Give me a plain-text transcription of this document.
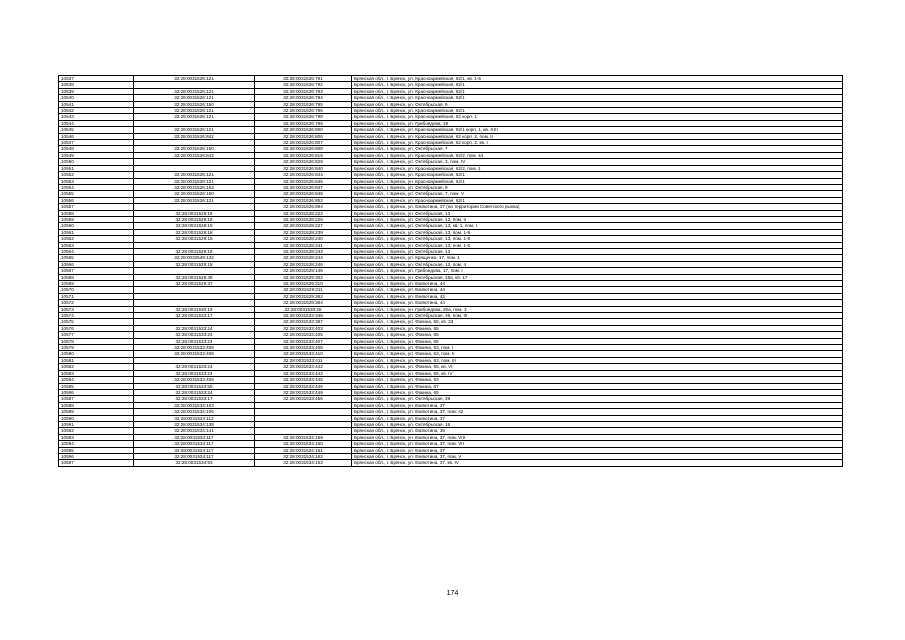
10537	32:28:0031526:121	32:28:0031526:791	Брянская обл., г. Брянск, ул. Красноармейская, 62/1, кв. 1-5
10538		32:28:0031526:792	Брянская обл., г. Брянск, ул. Красноармейская, 62/1
10539	32:28:0031526:121	32:28:0031526:793	Брянская обл., г. Брянск, ул. Красноармейская, 62/1
10540	32:28:0031526:121	32:28:0031526:794	Брянская обл., г. Брянск, ул. Красноармейская, 62/1
10541	32:28:0031526:150	32:28:0031526:795	Брянская обл., г. Брянск, ул. Октябрьская, 9
10542	32:28:0031526:121	32:28:0031526:796	Брянская обл., г. Брянск, ул. Красноармейская, 62/1
10543	32:28:0031526:121	32:28:0031526:798	Брянская обл., г. Брянск, ул. Красноармейская, 62 корп. 1
10544		32:28:0031526:799	Брянская обл., г. Брянск, ул. Грибоедова, 19
10545	32:28:0031526:121	32:28:0031526:800	Брянская обл., г. Брянск, ул. Красноармейская, 62/1 корп. 1, кв. XXI
10546	32:28:0031526:842	32:28:0031526:806	Брянская обл., г. Брянск, ул. Красноармейская, 62 корп. 2, пом. II
10547		32:28:0031526:807	Брянская обл., г. Брянск, ул. Красноармейская, 62 корп. 2, кв. I
10548	32:28:0031526:150	32:28:0031526:808	Брянская обл., г. Брянск, ул. Октябрьская, 7
10549	32:28:0031526:842	32:28:0031526:819	Брянская обл., г. Брянск, ул. Красноармейская, 62/2, пом. 44
10550		32:28:0031526:829	Брянская обл., г. Брянск, ул. Октябрьская, 3, пом. IV
10551		32:28:0031526:840	Брянская обл., г. Брянск, ул. Красноармейская, 62/2, пом. 1
10552	32:28:0031526:121	32:28:0031526:844	Брянская обл., г. Брянск, ул. Красноармейская, 62/1
10553	32:28:0031526:121	32:28:0031526:845	Брянская обл., г. Брянск, ул. Красноармейская, 62/1
10554	32:28:0031526:153	32:28:0031526:847	Брянская обл., г. Брянск, ул. Октябрьская, 9
10555	32:28:0031526:150	32:28:0031526:848	Брянская обл., г. Брянск, ул. Октябрьская, 7, пом. V
10556	32:28:0031526:121	32:28:0031526:852	Брянская обл., г. Брянск, ул. Красноармейская, 62/1
10557		32:28:0031526:894	Брянская обл., г. Брянск, ул. Емлютина, 37 (на территории Советского рынка)
10558	32:28:0031528:18	32:28:0031528:223	Брянская обл., г. Брянск, ул. Октябрьская, 13
10559	32:28:0031528:18	32:28:0031528:226	Брянская обл., г. Брянск, ул. Октябрьская, 13, пом. II
10560	32:28:0031528:18	32:28:0031528:227	Брянская обл., г. Брянск, ул. Октябрьская, 13, кв. 1, пом. I
10561	32:28:0031528:18	32:28:0031528:239	Брянская обл., г. Брянск, ул. Октябрьская, 13, пом. 1-8
10562	32:28:0031528:18	32:28:0031528:240	Брянская обл., г. Брянск, ул. Октябрьская, 13, пом. 1-8
10563		32:28:0031528:241	Брянская обл., г. Брянск, ул. Октябрьская, 13, пом. 1-5
10564	32:28:0031528:18	32:28:0031528:243	Брянская обл., г. Брянск, ул. Октябрьская, 13
10565	32:28:0032549:132	32:28:0031528:244	Брянская обл., г. Брянск, ул. Крященко, 17, пом. 1
10566	32:28:0031528:18	32:28:0031528:246	Брянская обл., г. Брянск, ул. Октябрьская, 13, пом. 4
10567		32:28:0031529:146	Брянская обл., г. Брянск, ул. Грибоедова, 17, пом. I
10568	32:28:0031529:48	32:28:0031529:302	Брянская обл., г. Брянск, ул. Октябрьская, 25а, кв. 17
10569	32:28:0031529:37	32:28:0031529:310	Брянская обл., г. Брянск, ул. Емлютина, 44
10570		32:28:0031529:311	Брянская обл., г. Брянск, ул. Емлютина, 44
10571		32:28:0031529:362	Брянская обл., г. Брянск, ул. Емлютина, 42
10572		32:28:0031529:364	Брянская обл., г. Брянск, ул. Емлютина, 44
10573	32:28:0031530:19	32:28:0031530:28	Брянская обл., г. Брянск, ул. Грибоедова, 26а, пом. 3
10574	32:28:0031533:17	32:28:0031533:346	Брянская обл., г. Брянск, ул. Октябрьская, 39, пом. III
10575		32:28:0031533:387	Брянская обл., г. Брянск, ул. Фокина, 65, кв. 33
10576	32:28:0031533:24	32:28:0031533:403	Брянская обл., г. Брянск, ул. Фокина, 65
10577	32:28:0031533:24	32:28:0031533:405	Брянская обл., г. Брянск, ул. Фокина, 65
10578	32:28:0031533:24	32:28:0031533:407	Брянская обл., г. Брянск, ул. Фокина, 65
10579	32:28:0031533:408	32:28:0031533:408	Брянская обл., г. Брянск, ул. Фокина, 63, пом. I
10580	32:28:0031533:408	32:28:0031533:410	Брянская обл., г. Брянск, ул. Фокина, 63, пом. II
10581		32:28:0031533:411	Брянская обл., г. Брянск, ул. Фокина, 63, пом. III
10582	32:28:0031533:24	32:28:0031533:442	Брянская обл., г. Брянск, ул. Фокина, 65, кв. VI
10583	32:28:0031533:24	32:28:0031533:443	Брянская обл., г. Брянск, ул. Фокина, 65, кв. IV
10584	32:28:0031533:408	32:28:0031533:445	Брянская обл., г. Брянск, ул. Фокина, 63
10585	32:28:0031533:56	32:28:0031533:446	Брянская обл., г. Брянск, ул. Фокина, 67
10586	32:28:0031533:24	32:28:0031533:449	Брянская обл., г. Брянск, ул. Фокина, 65
10587	32:28:0031533:17	32:28:0031533:456	Брянская обл., г. Брянск, ул. Октябрьская, 39
10588	32:28:0031534:103		Брянская обл., г. Брянск, ул. Емлютина, 37
10589	32:28:0031534:106		Брянская обл., г. Брянск, ул. Емлютина, 37, пом. 42
10590	32:28:0031534:112		Брянская обл., г. Брянск, ул. Емлютина, 37
10591	32:28:0031534:138		Брянская обл., г. Брянск, ул. Октябрьская, 16
10592	32:28:0031534:141		Брянская обл., г. Брянск, ул. Емлютина, 35
10593	32:28:0031534:117	32:28:0031534:159	Брянская обл., г. Брянск, ул. Емлютина, 37, пом. VIII
10594	32:28:0031534:117	32:28:0031534:160	Брянская обл., г. Брянск, ул. Емлютина, 37, пом. VII
10595	32:28:0031534:117	32:28:0031534:161	Брянская обл., г. Брянск, ул. Емлютина, 37
10596	32:28:0031534:117	32:28:0031534:162	Брянская обл., г. Брянск, ул. Емлютина, 37, пом. V
10597	32:28:0031534:93	32:28:0031534:163	Брянская обл., г. Брянск, ул. Емлютина, 37, кв. IV
174
